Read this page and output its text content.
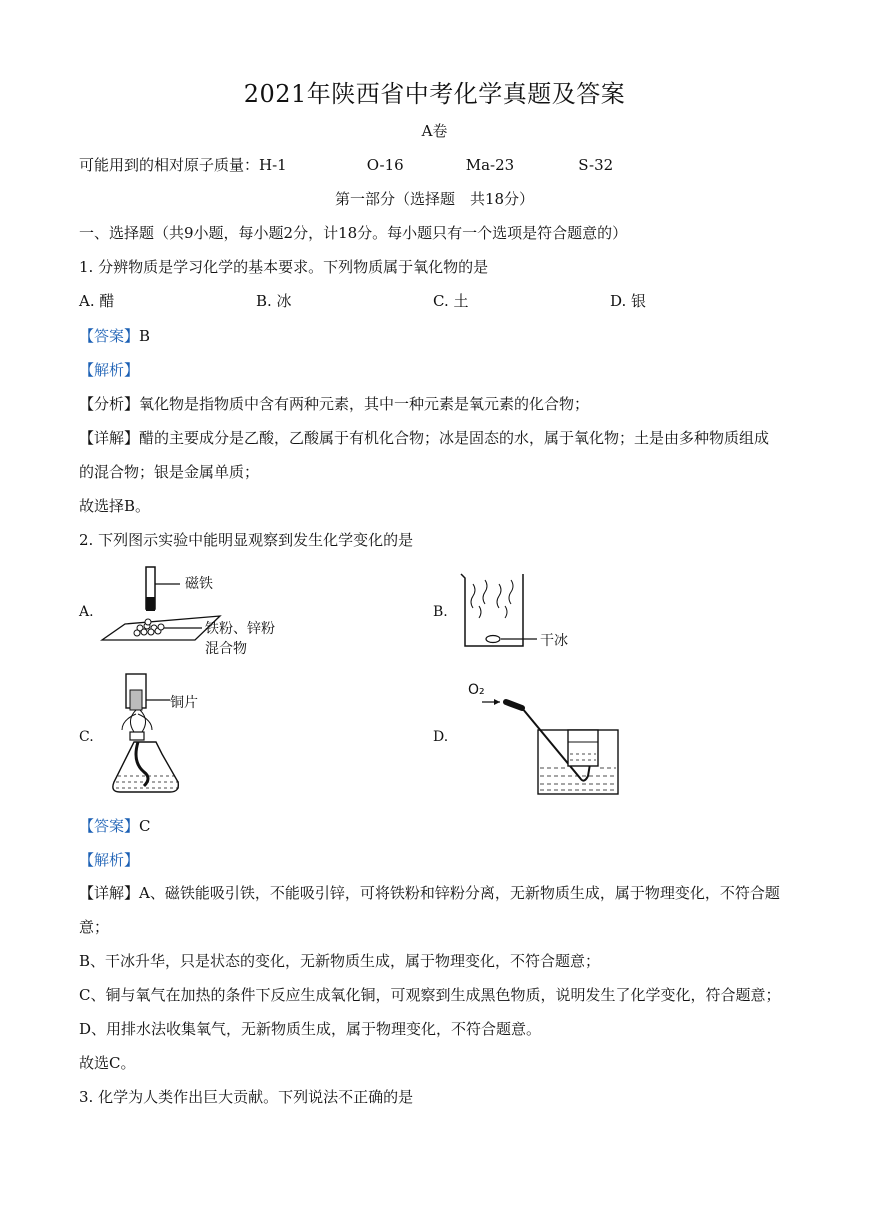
2021年陕西省中考化学真题及答案
A卷
可能用到的相对原子质量：H-1	O-16	Ma-23	S-32
第一部分（选择题　共18分）
一、选择题（共9小题，每小题2分，计18分。每小题只有一个选项是符合题意的）
1. 分辨物质是学习化学的基本要求。下列物质属于氧化物的是
A. 醋	B. 冰	C. 土	D. 银
【答案】B
【解析】
【分析】氧化物是指物质中含有两种元素，其中一种元素是氧元素的化合物；
【详解】醋的主要成分是乙酸，乙酸属于有机化合物；冰是固态的水，属于氧化物；土是由多种物质组成
的混合物；银是金属单质；
故选择B。
2. 下列图示实验中能明显观察到发生化学变化的是
A.	B.
C.	D.
磁铁
铁粉、锌粉
混合物	干冰
铜片
O₂
【答案】C
【解析】
【详解】A、磁铁能吸引铁，不能吸引锌，可将铁粉和锌粉分离，无新物质生成，属于物理变化，不符合题
意；
B、干冰升华，只是状态的变化，无新物质生成，属于物理变化，不符合题意；
C、铜与氧气在加热的条件下反应生成氧化铜，可观察到生成黑色物质，说明发生了化学变化，符合题意；
D、用排水法收集氧气，无新物质生成，属于物理变化，不符合题意。
故选C。
3. 化学为人类作出巨大贡献。下列说法不正确的是
